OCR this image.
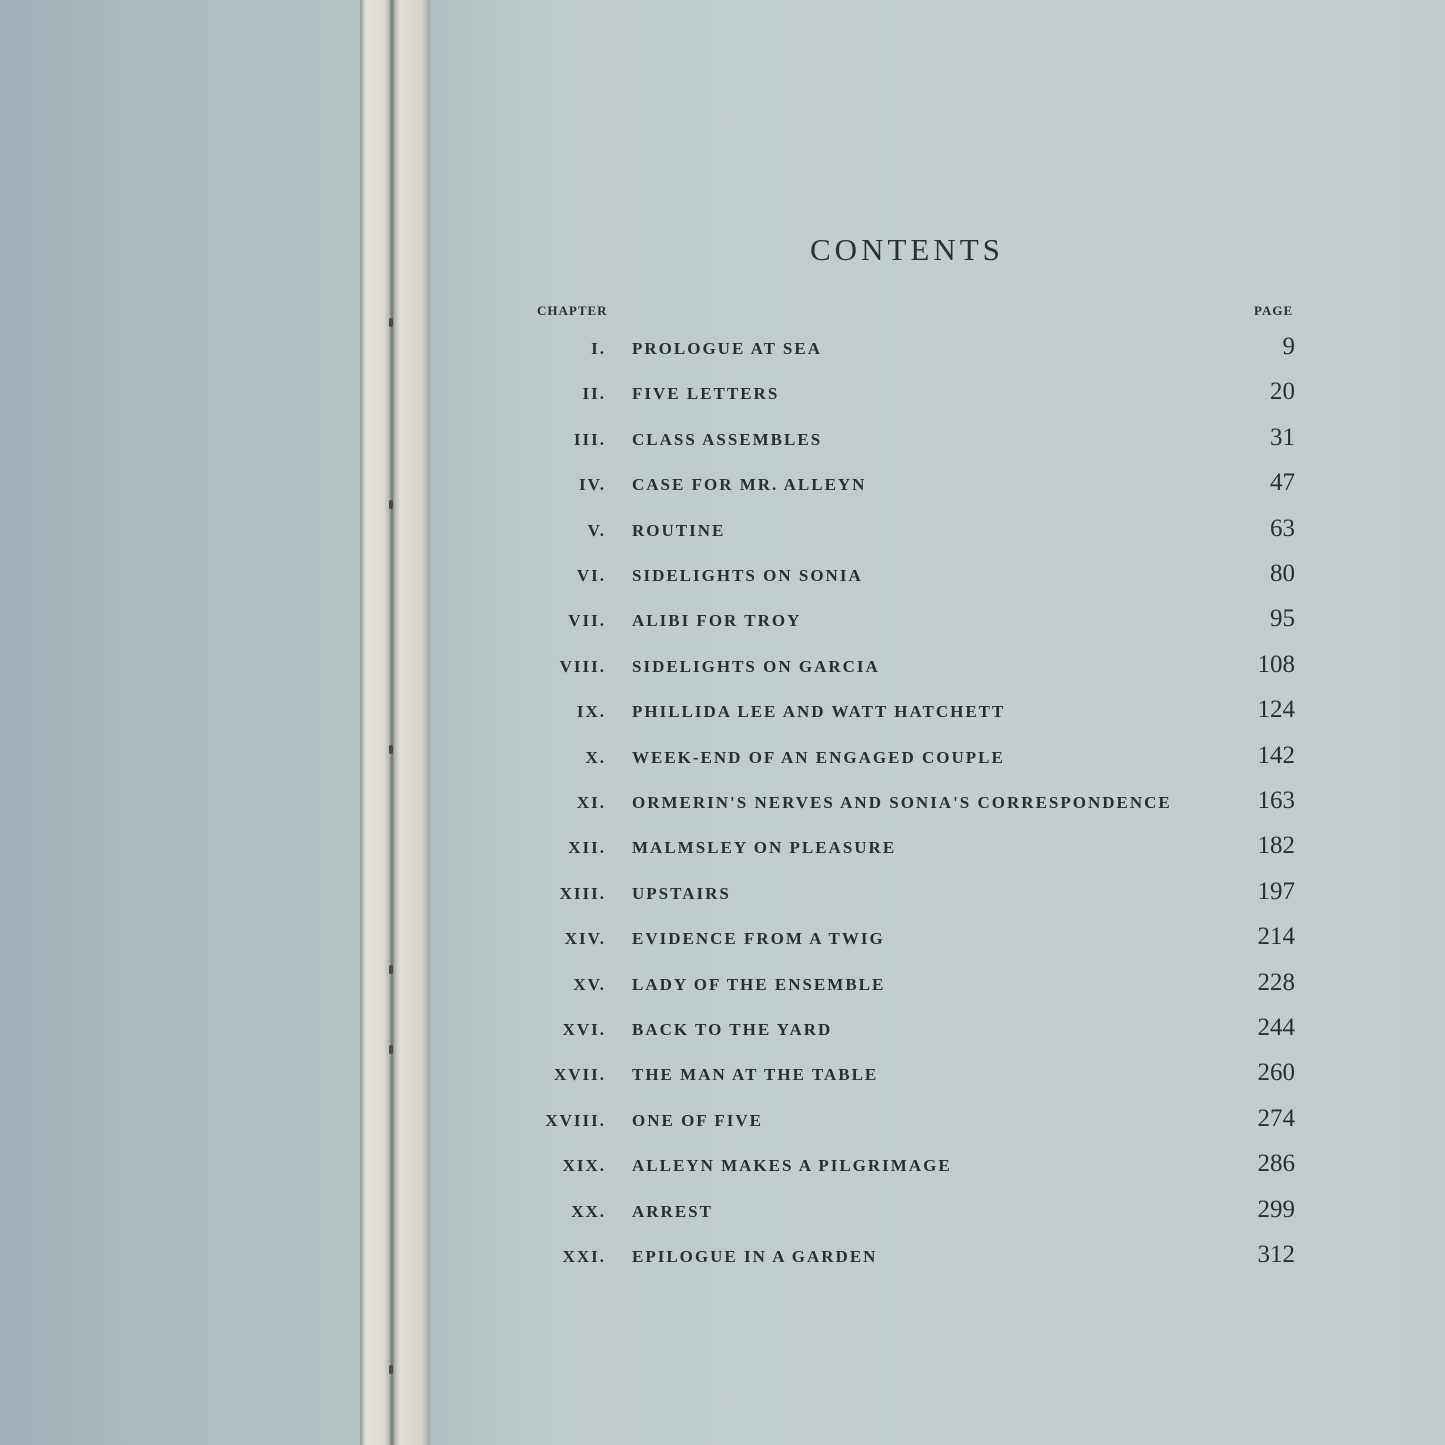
CONTENTS
CHAPTER	PAGE
I. PROLOGUE AT SEA	9
II. FIVE LETTERS	20
III. CLASS ASSEMBLES	31
IV. CASE FOR MR. ALLEYN	47
V. ROUTINE	63
VI. SIDELIGHTS ON SONIA	80
VII. ALIBI FOR TROY	95
VIII. SIDELIGHTS ON GARCIA	108
IX. PHILLIDA LEE AND WATT HATCHETT	124
X. WEEK-END OF AN ENGAGED COUPLE	142
XI. ORMERIN'S NERVES AND SONIA'S CORRESPONDENCE	163
XII. MALMSLEY ON PLEASURE	182
XIII. UPSTAIRS	197
XIV. EVIDENCE FROM A TWIG	214
XV. LADY OF THE ENSEMBLE	228
XVI. BACK TO THE YARD	244
XVII. THE MAN AT THE TABLE	260
XVIII. ONE OF FIVE	274
XIX. ALLEYN MAKES A PILGRIMAGE	286
XX. ARREST	299
XXI. EPILOGUE IN A GARDEN	312
